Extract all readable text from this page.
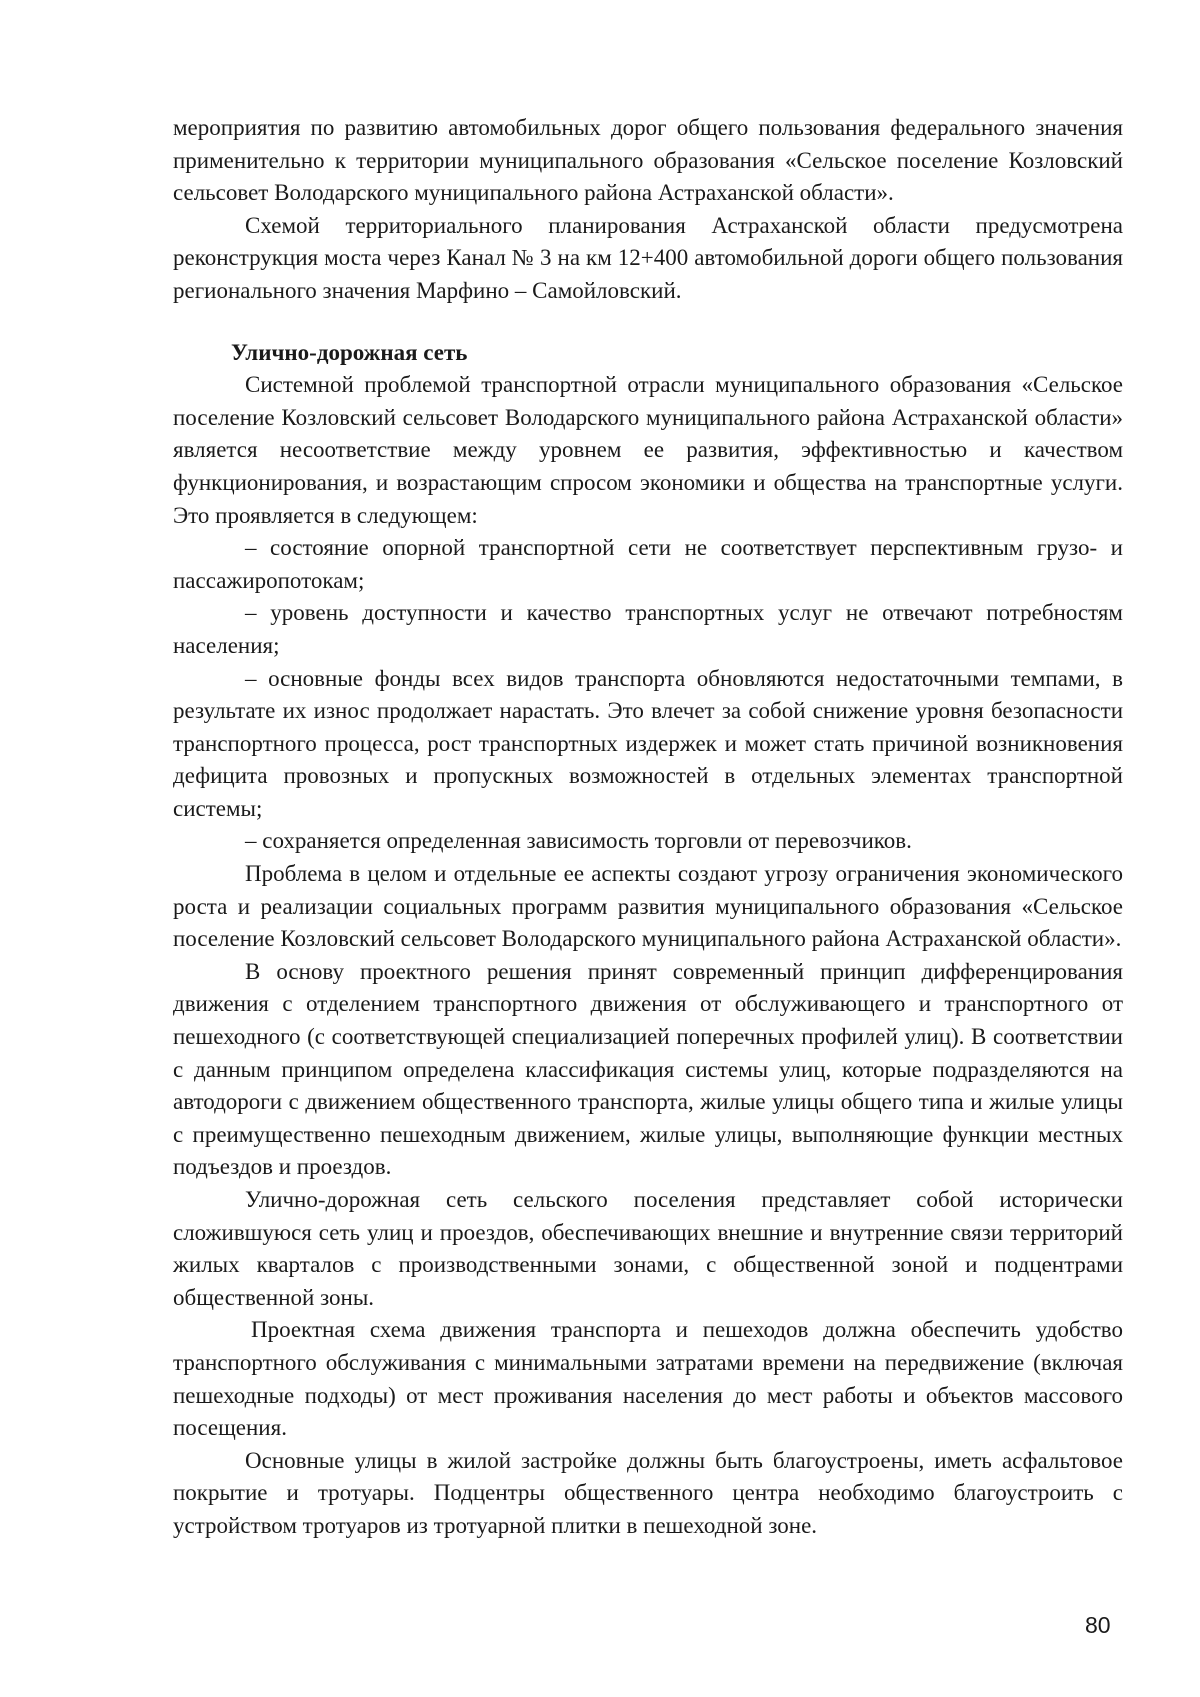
мероприятия по развитию автомобильных дорог общего пользования федерального значения применительно к территории муниципального образования «Сельское поселение Козловский сельсовет Володарского муниципального района Астраханской области».

Схемой территориального планирования Астраханской области предусмотрена реконструкция моста через Канал № 3 на км 12+400 автомобильной дороги общего пользования регионального значения Марфино – Самойловский.

Улично-дорожная сеть

Системной проблемой транспортной отрасли муниципального образования «Сельское поселение Козловский сельсовет Володарского муниципального района Астраханской области» является несоответствие между уровнем ее развития, эффективностью и качеством функционирования, и возрастающим спросом экономики и общества на транспортные услуги. Это проявляется в следующем:

– состояние опорной транспортной сети не соответствует перспективным грузо- и пассажиропотокам;

– уровень доступности и качество транспортных услуг не отвечают потребностям населения;

– основные фонды всех видов транспорта обновляются недостаточными темпами, в результате их износ продолжает нарастать. Это влечет за собой снижение уровня безопасности транспортного процесса, рост транспортных издержек и может стать причиной возникновения дефицита провозных и пропускных возможностей в отдельных элементах транспортной системы;

– сохраняется определенная зависимость торговли от перевозчиков.

Проблема в целом и отдельные ее аспекты создают угрозу ограничения экономического роста и реализации социальных программ развития муниципального образования «Сельское поселение Козловский сельсовет Володарского муниципального района Астраханской области».

В основу проектного решения принят современный принцип дифференцирования движения с отделением транспортного движения от обслуживающего и транспортного от пешеходного (с соответствующей специализацией поперечных профилей улиц). В соответствии с данным принципом определена классификация системы улиц, которые подразделяются на автодороги с движением общественного транспорта, жилые улицы общего типа и жилые улицы с преимущественно пешеходным движением, жилые улицы, выполняющие функции местных подъездов и проездов.

Улично-дорожная сеть сельского поселения представляет собой исторически сложившуюся сеть улиц и проездов, обеспечивающих внешние и внутренние связи территорий жилых кварталов с производственными зонами, с общественной зоной и подцентрами общественной зоны.

Проектная схема движения транспорта и пешеходов должна обеспечить удобство транспортного обслуживания с минимальными затратами времени на передвижение (включая пешеходные подходы) от мест проживания населения до мест работы и объектов массового посещения.

Основные улицы в жилой застройке должны быть благоустроены, иметь асфальтовое покрытие и тротуары. Подцентры общественного центра необходимо благоустроить с устройством тротуаров из тротуарной плитки в пешеходной зоне.

80
